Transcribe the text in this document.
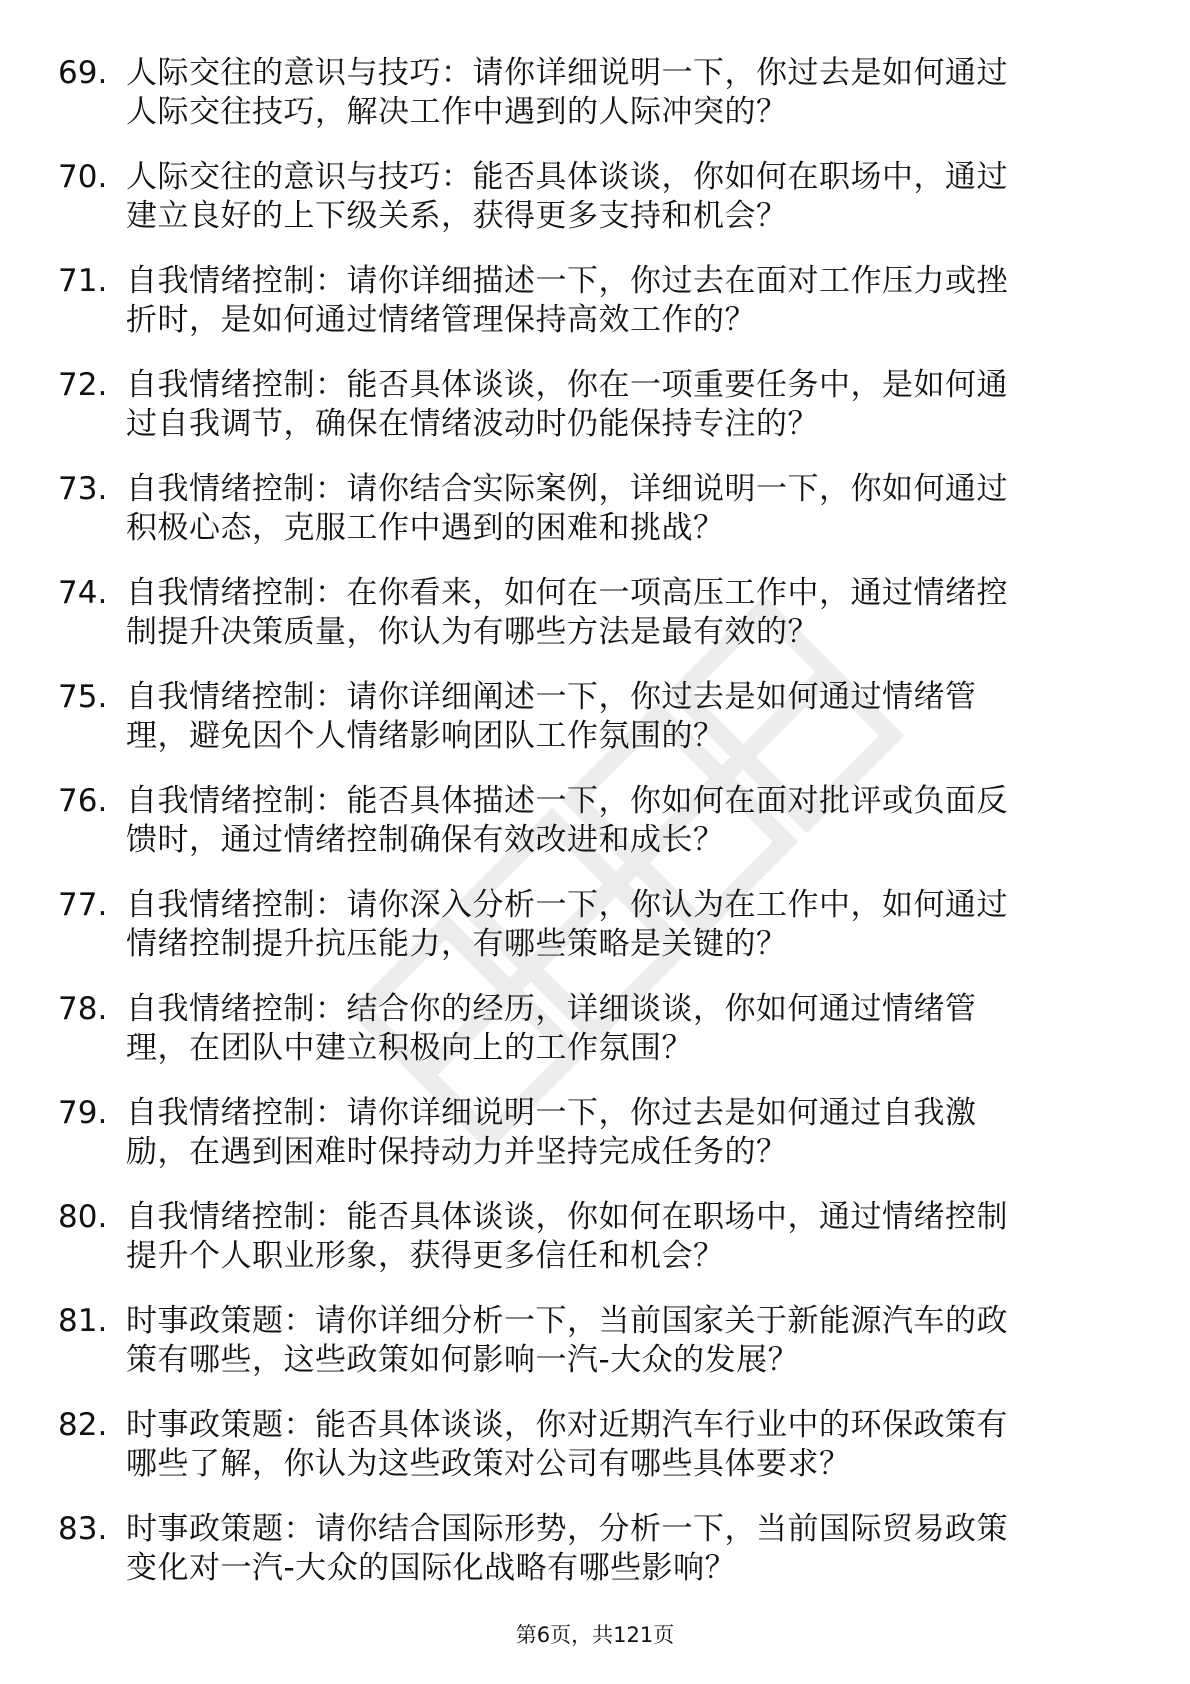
69. 人际交往的意识与技巧：请你详细说明一下，你过去是如何通过
人际交往技巧，解决工作中遇到的人际冲突的？
70. 人际交往的意识与技巧：能否具体谈谈，你如何在职场中，通过
建立良好的上下级关系，获得更多支持和机会？
71. 自我情绪控制：请你详细描述一下，你过去在面对工作压力或挫
折时，是如何通过情绪管理保持高效工作的？
72. 自我情绪控制：能否具体谈谈，你在一项重要任务中，是如何通
过自我调节，确保在情绪波动时仍能保持专注的？
73. 自我情绪控制：请你结合实际案例，详细说明一下，你如何通过
积极心态，克服工作中遇到的困难和挑战？
74. 自我情绪控制：在你看来，如何在一项高压工作中，通过情绪控
制提升决策质量，你认为有哪些方法是最有效的？
75. 自我情绪控制：请你详细阐述一下，你过去是如何通过情绪管
理，避免因个人情绪影响团队工作氛围的？
76. 自我情绪控制：能否具体描述一下，你如何在面对批评或负面反
馈时，通过情绪控制确保有效改进和成长？
77. 自我情绪控制：请你深入分析一下，你认为在工作中，如何通过
情绪控制提升抗压能力，有哪些策略是关键的？
78. 自我情绪控制：结合你的经历，详细谈谈，你如何通过情绪管
理，在团队中建立积极向上的工作氛围？
79. 自我情绪控制：请你详细说明一下，你过去是如何通过自我激
励，在遇到困难时保持动力并坚持完成任务的？
80. 自我情绪控制：能否具体谈谈，你如何在职场中，通过情绪控制
提升个人职业形象，获得更多信任和机会？
81. 时事政策题：请你详细分析一下，当前国家关于新能源汽车的政
策有哪些，这些政策如何影响一汽-大众的发展？
82. 时事政策题：能否具体谈谈，你对近期汽车行业中的环保政策有
哪些了解，你认为这些政策对公司有哪些具体要求？
83. 时事政策题：请你结合国际形势，分析一下，当前国际贸易政策
变化对一汽-大众的国际化战略有哪些影响？
第6页，共121页
